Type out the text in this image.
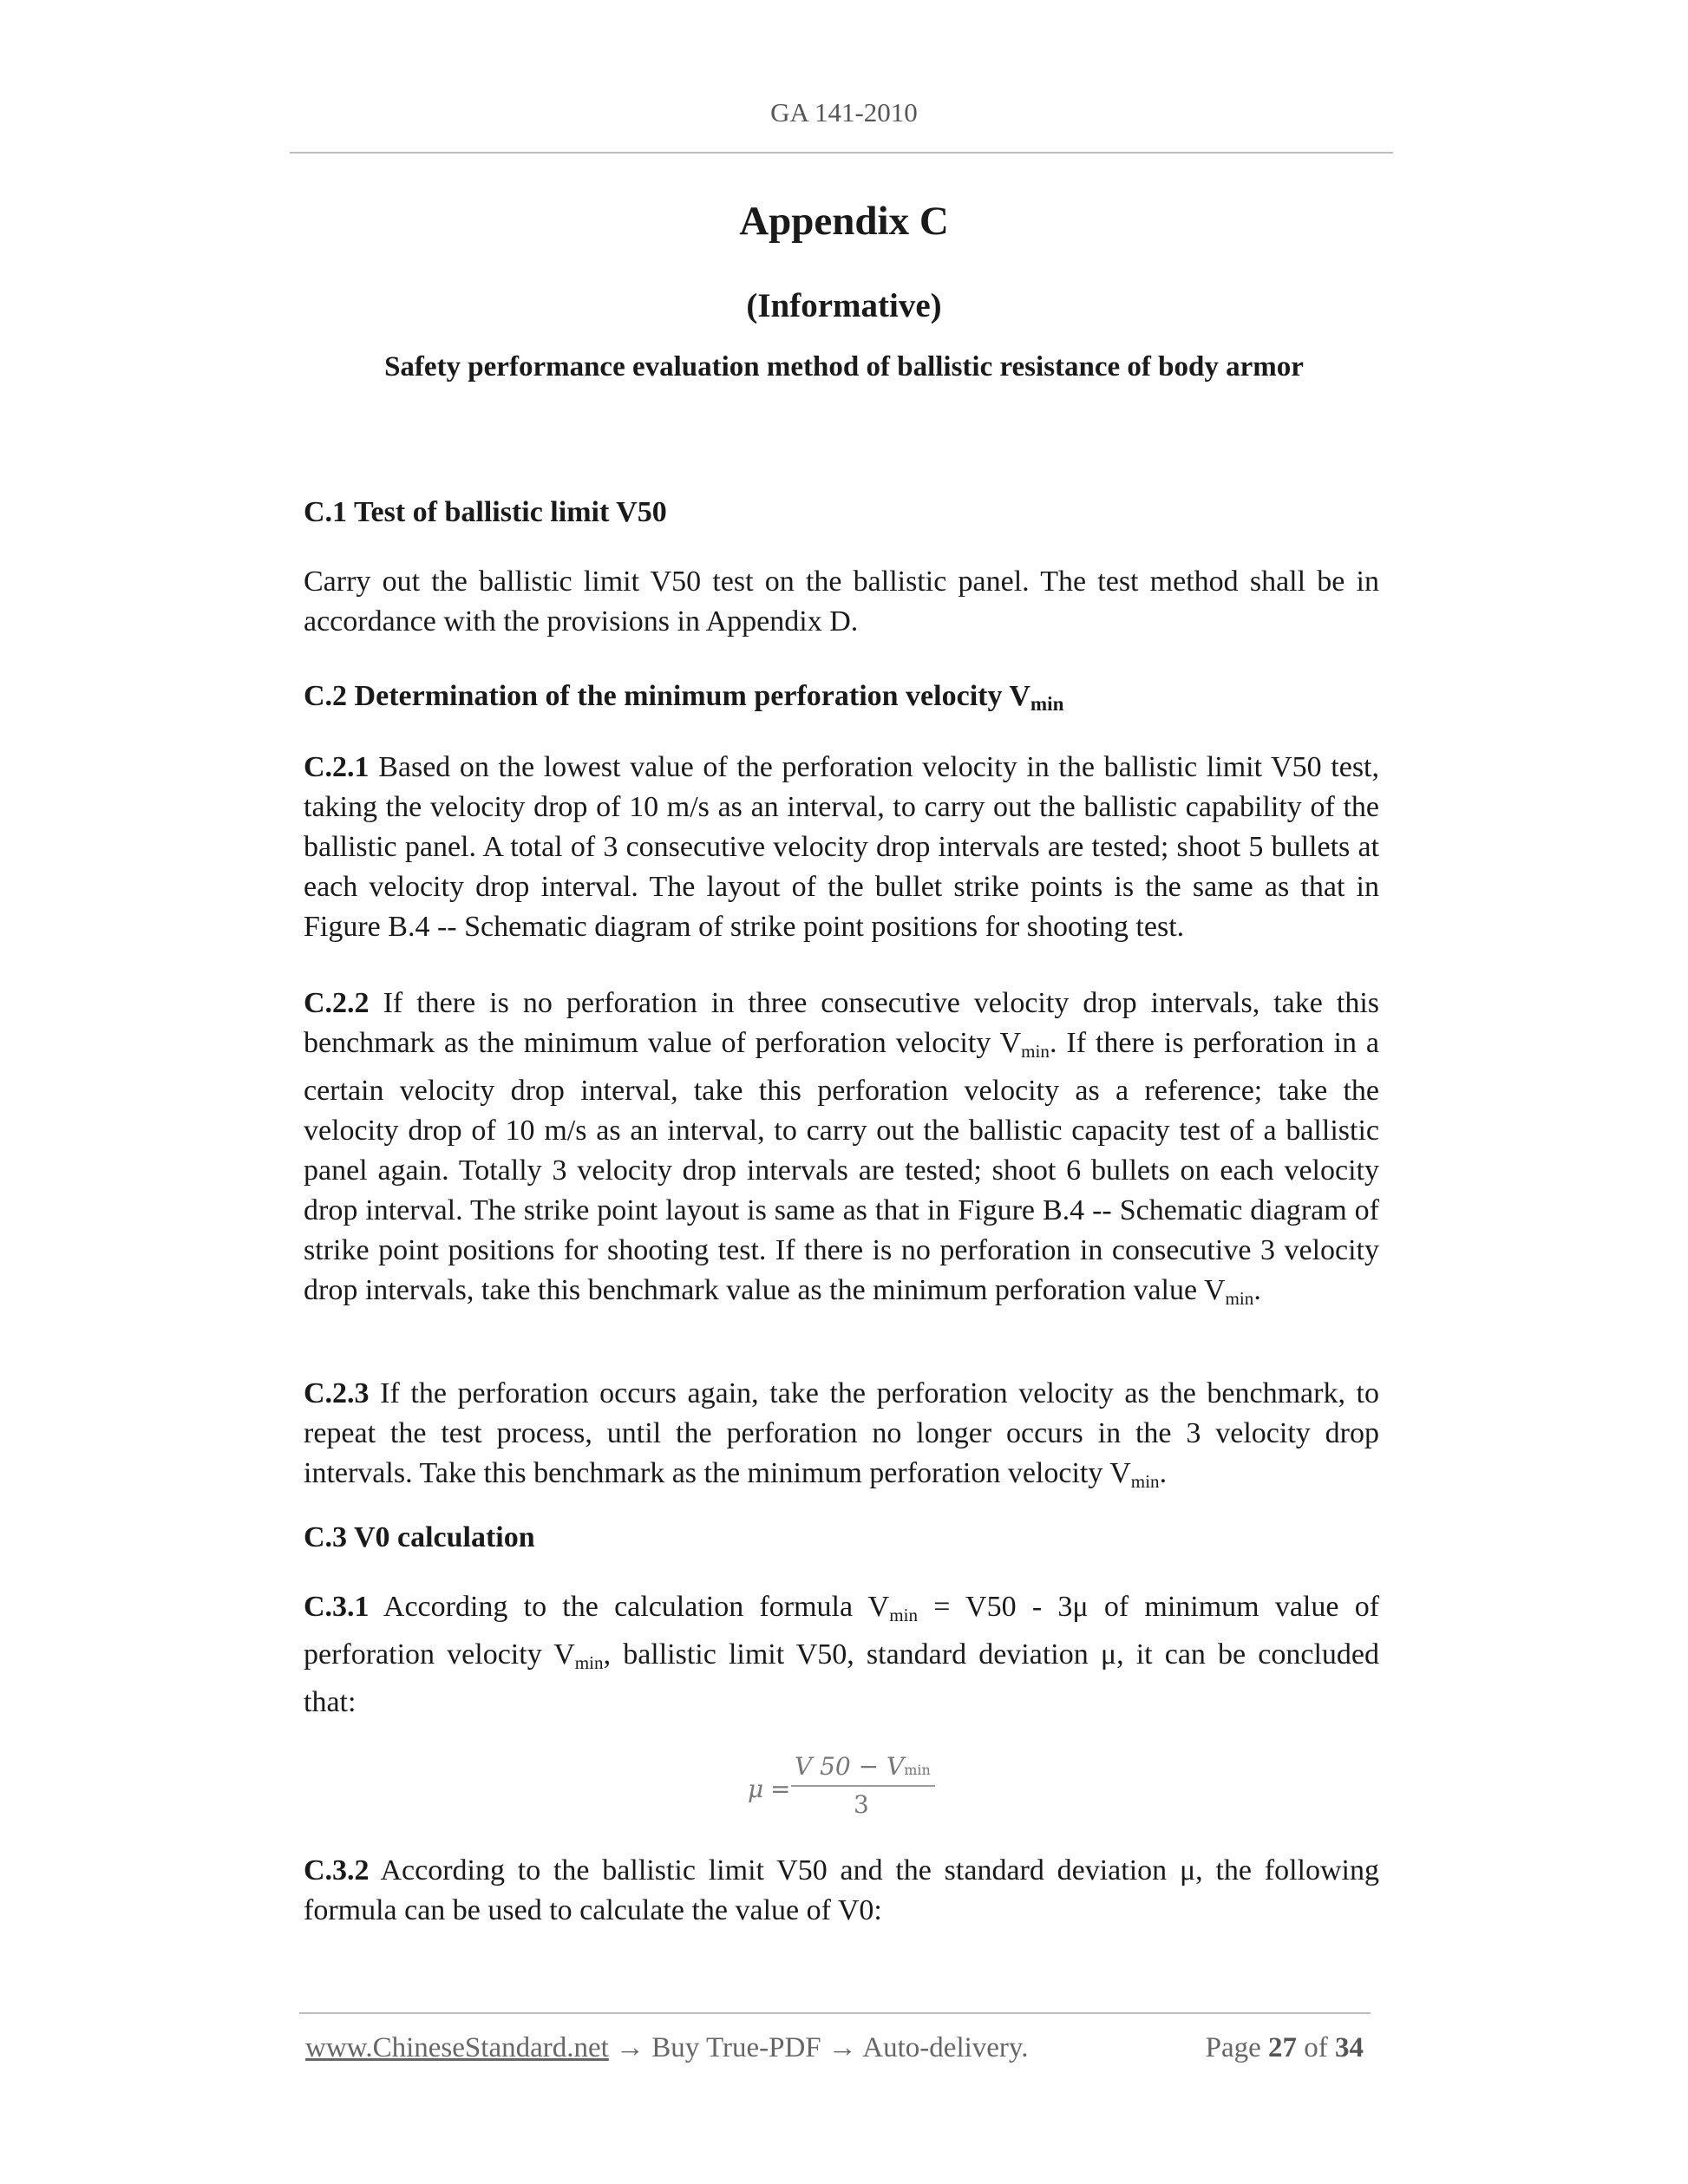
GA 141-2010
Appendix C
(Informative)
Safety performance evaluation method of ballistic resistance of body armor
C.1 Test of ballistic limit V50

Carry out the ballistic limit V50 test on the ballistic panel. The test method shall be in accordance with the provisions in Appendix D.

C.2 Determination of the minimum perforation velocity Vmin

C.2.1 Based on the lowest value of the perforation velocity in the ballistic limit V50 test, taking the velocity drop of 10 m/s as an interval, to carry out the ballistic capability of the ballistic panel. A total of 3 consecutive velocity drop intervals are tested; shoot 5 bullets at each velocity drop interval. The layout of the bullet strike points is the same as that in Figure B.4 -- Schematic diagram of strike point positions for shooting test.

C.2.2 If there is no perforation in three consecutive velocity drop intervals, take this benchmark as the minimum value of perforation velocity $V_{min}$. If there is perforation in a certain velocity drop interval, take this perforation velocity as a reference; take the velocity drop of 10 m/s as an interval, to carry out the ballistic capacity test of a ballistic panel again. Totally 3 velocity drop intervals are tested; shoot 6 bullets on each velocity drop interval. The strike point layout is same as that in Figure B.4 -- Schematic diagram of strike point positions for shooting test. If there is no perforation in consecutive 3 velocity drop intervals, take this benchmark value as the minimum perforation value $V_{min}$.

C.2.3 If the perforation occurs again, take the perforation velocity as the benchmark, to repeat the test process, until the perforation no longer occurs in the 3 velocity drop intervals. Take this benchmark as the minimum perforation velocity $V_{min}$.

C.3 V0 calculation

C.3.1 According to the calculation formula $V_{min} = V50 - 3\mu$ of minimum value of perforation velocity $V_{min}$, ballistic limit V50, standard deviation μ, it can be concluded that:

C.3.2 According to the ballistic limit V50 and the standard deviation μ, the following formula can be used to calculate the value of V0:

μ =
V 50 − Vmin
3
www.ChineseStandard.net → Buy True-PDF → Auto-delivery.	Page 27 of 34
